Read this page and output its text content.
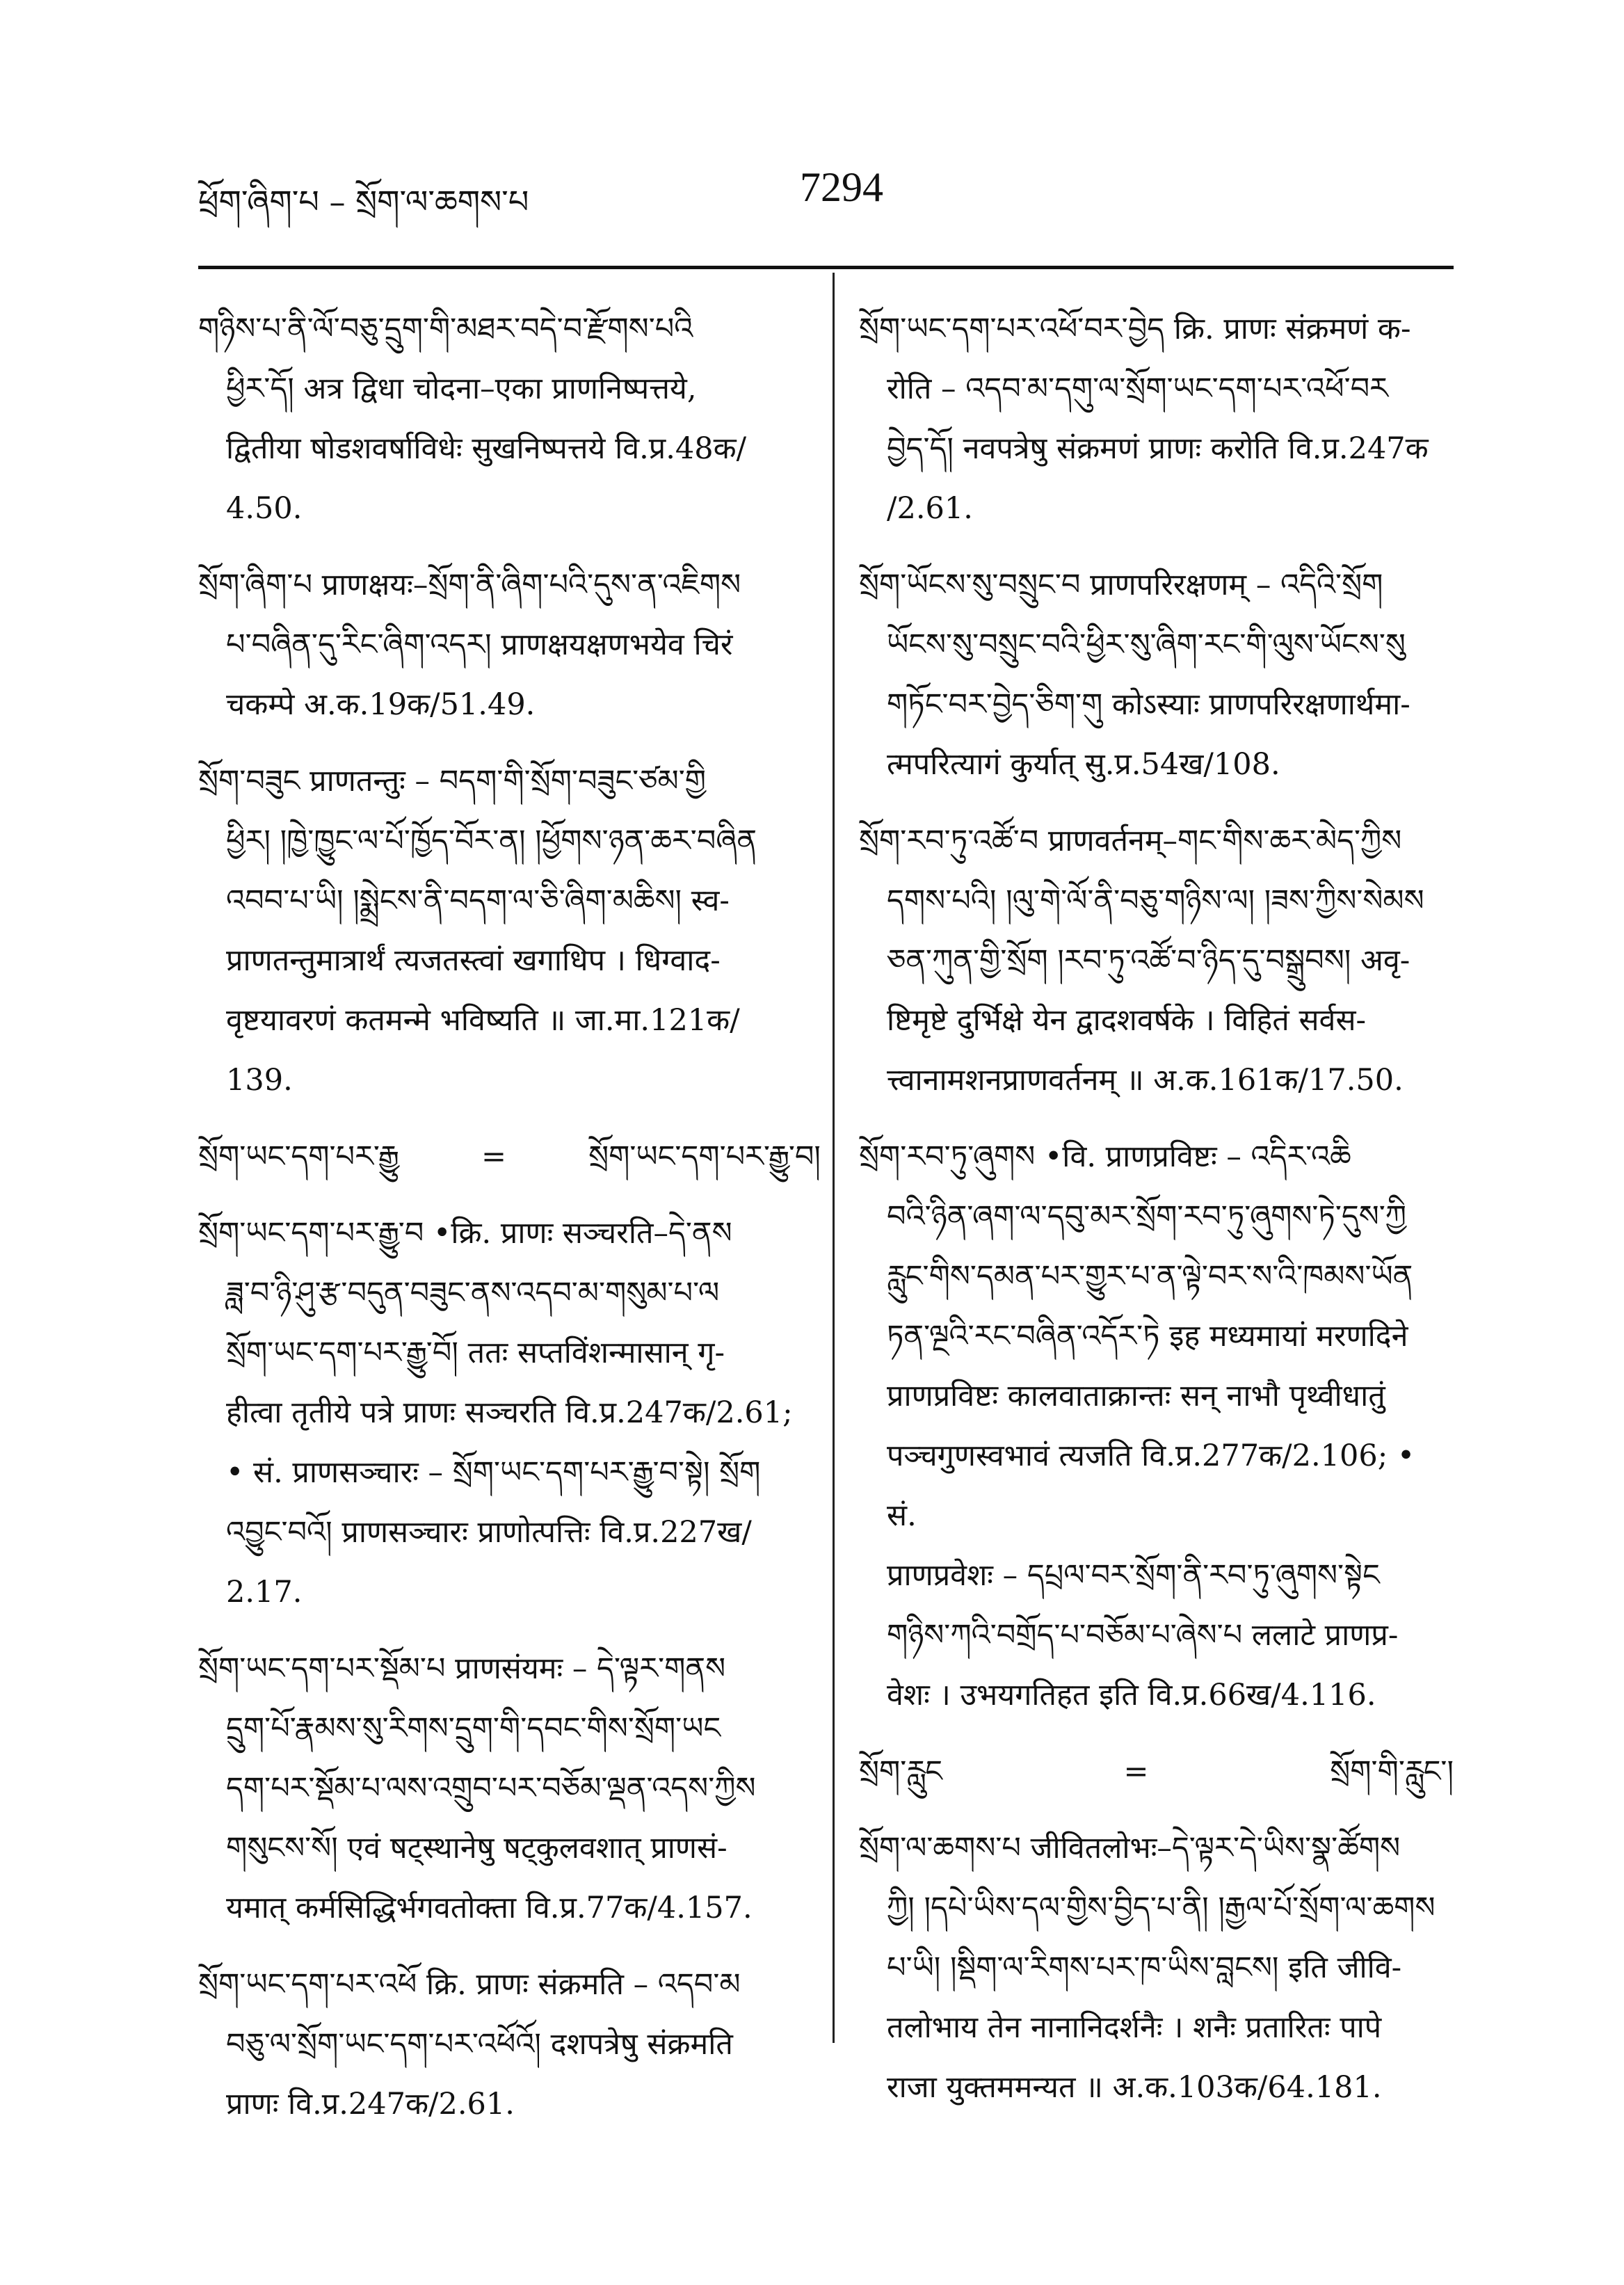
ཕྲོག་ཞིག་པ – སྲོག་ལ་ཆགས་པ	7294

གཉིས་པ་ནི་ལོ་བཅུ་དྲུག་གི་མཐར་བདེ་བ་རྫོགས་པའི

ཕྱིར་དོ། अत्र द्विधा चोदना–एका प्राणनिष्पत्तये,

द्वितीया षोडशवर्षाविधेः सुखनिष्पत्तये वि.प्र.48क/

4.50.

སྲོག་ཞིག་པ प्राणक्षयः–སྲོག་ནི་ཞིག་པའི་དུས་ན་འཇིགས

པ་བཞིན་དུ་རིང་ཞིག་འདར། प्राणक्षयक्षणभयेव चिरं

चकम्पे अ.क.19क/51.49.

སྲོག་བཟུང प्राणतन्तुः – བདག་གི་སྲོག་བཟུང་ཙམ་གྱི

ཕྱིར། །ཁྱེ་ཁྱུང་ལ་པོ་ཁྱོད་བོར་ན། །ཕྱོགས་ཉན་ཆར་བཞིན

འབབ་པ་ཡི། །སྨྲེངས་ནི་བདག་ལ་ཅི་ཞིག་མཆིས། स्व-

प्राणतन्तुमात्रार्थं त्यजतस्त्वां खगाधिप । धिग्वाद-

वृष्टयावरणं कतमन्मे भविष्यति ॥ जा.मा.121क/

139.

སྲོག་ཡང་དག་པར་རྒྱུ	=	སྲོག་ཡང་དག་པར་རྒྱུ་བ།

སྲོག་ཡང་དག་པར་རྒྱུ་བ •क्रि. प्राणः सञ्चरति–དེ་ནས

ཟླ་བ་ཉི་ཤུ་རྩ་བདུན་བཟུང་ནས་འདབ་མ་གསུམ་པ་ལ

སྲོག་ཡང་དག་པར་རྒྱུ་བོ། ततः सप्तविंशन्मासान् गृ-

हीत्वा तृतीये पत्रे प्राणः सञ्चरति वि.प्र.247क/2.61;

• सं. प्राणसञ्चारः – སྲོག་ཡང་དག་པར་རྒྱུ་བ་སྟེ། སྲོག

འབྱུང་བའོ། प्राणसञ्चारः प्राणोत्पत्तिः वि.प्र.227ख/

2.17.

སྲོག་ཡང་དག་པར་སྡོམ་པ प्राणसंयमः – དེ་ལྟར་གནས

དྲུག་པོ་རྣམས་སུ་རིགས་དྲུག་གི་དབང་གིས་སྲོག་ཡང

དག་པར་སྡོམ་པ་ལས་འགྲུབ་པར་བཅོམ་ལྡན་འདས་ཀྱིས

གསུངས་སོ། एवं षट्स्थानेषु षट्कुलवशात् प्राणसं-

यमात् कर्मसिद्धिर्भगवतोक्ता वि.प्र.77क/4.157.

སྲོག་ཡང་དག་པར་འཕོ क्रि. प्राणः संक्रमति – འདབ་མ

བཅུ་ལ་སྲོག་ཡང་དག་པར་འཕོའོ། दशपत्रेषु संक्रमति

प्राणः वि.प्र.247क/2.61.

སྲོག་ཡང་དག་པར་འཕོ་བར་བྱེད क्रि. प्राणः संक्रमणं क-

रोति – འདབ་མ་དགུ་ལ་སྲོག་ཡང་དག་པར་འཕོ་བར

བྱེད་དོ། नवपत्रेषु संक्रमणं प्राणः करोति वि.प्र.247क

/2.61.

སྲོག་ཡོངས་སུ་བསྲུང་བ प्राणपरिरक्षणम् – འདིའི་སྲོག

ཡོངས་སུ་བསྲུང་བའི་ཕྱིར་སུ་ཞིག་རང་གི་ལུས་ཡོངས་སུ

གཏོང་བར་བྱེད་ཅིག་གུ कोऽस्याः प्राणपरिरक्षणार्थमा-

त्मपरित्यागं कुर्यात् सु.प्र.54ख/108.

སྲོག་རབ་ཏུ་འཚོ་བ प्राणवर्तनम्–གང་གིས་ཆར་མེད་ཀྱིས

དགས་པའི། །ལུ་གེ་ལོ་ནི་བཅུ་གཉིས་ལ། །ཟས་ཀྱིས་སེམས

ཅན་ཀུན་གྱི་སྲོག །རབ་ཏུ་འཚོ་བ་ཉིད་དུ་བསྒྲུབས། अवृ-

ष्टिमृष्टे दुर्भिक्षे येन द्वादशवर्षके । विहितं सर्वस-

त्त्वानामशनप्राणवर्तनम् ॥ अ.क.161क/17.50.

སྲོག་རབ་ཏུ་ཞུགས •वि. प्राणप्रविष्टः – འདིར་འཆི

བའི་ཉིན་ཞག་ལ་དབུ་མར་སྲོག་རབ་ཏུ་ཞུགས་ཏེ་དུས་ཀྱི

རླུང་གིས་དམན་པར་གྱུར་པ་ན་ལྟེ་བར་ས་འི་ཁམས་ཡོན

ཏན་ལྔའི་རང་བཞིན་འདོར་ཏེ इह मध्यमायां मरणदिने

प्राणप्रविष्टः कालवाताक्रान्तः सन् नाभौ पृथ्वीधातुं

पञ्चगुणस्वभावं त्यजति वि.प्र.277क/2.106; • सं.

प्राणप्रवेशः – དཔྲལ་བར་སྲོག་ནི་རབ་ཏུ་ཞུགས་སྟེང

གཉིས་ཀའི་བགྲོད་པ་བཅོམ་པ་ཞེས་པ ललाटे प्राणप्र-

वेशः । उभयगतिहत इति वि.प्र.66ख/4.116.

སྲོག་རླུང	=	སྲོག་གི་རླུང་།

སྲོག་ལ་ཆགས་པ जीवितलोभः–དེ་ལྟར་དེ་ཡིས་སྣ་ཚོགས

ཀྱི། །དཔེ་ཡིས་དལ་གྱིས་བྱིད་པ་ནི། །རྒྱལ་པོ་སྲོག་ལ་ཆགས

པ་ཡི། །སྡིག་ལ་རིགས་པར་ཁ་ཡིས་བླངས། इति जीवि-

तलोभाय तेन नानानिदर्शनैः । शनैः प्रतारितः पापे

राजा युक्तममन्यत ॥ अ.क.103क/64.181.
